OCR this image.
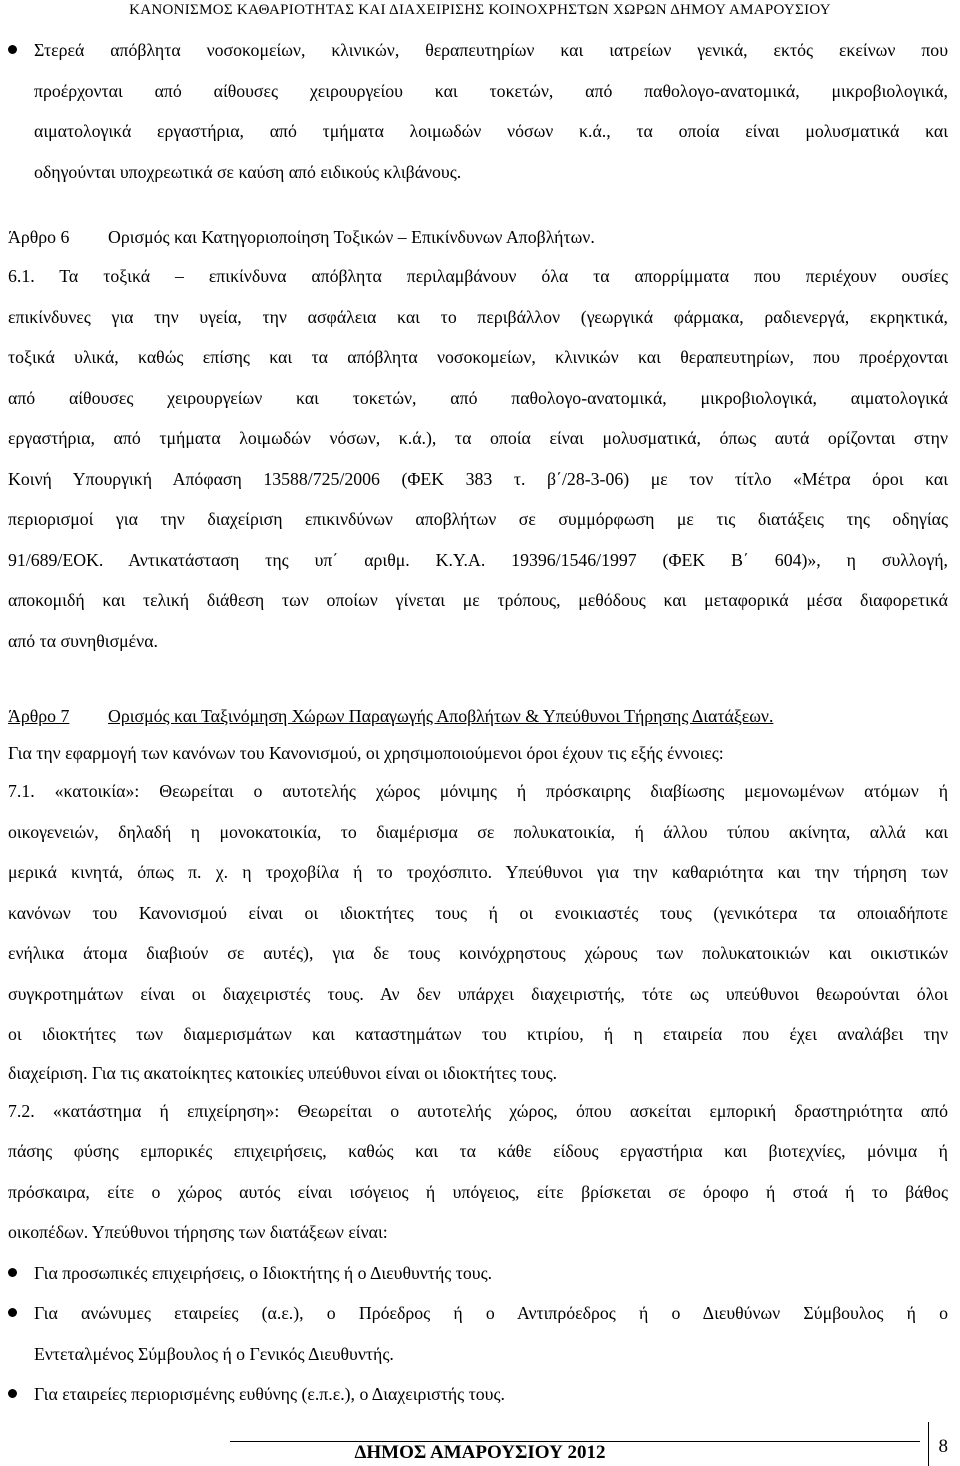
ΚΑΝΟΝΙΣΜΟΣ ΚΑΘΑΡΙΟΤΗΤΑΣ ΚΑΙ ΔΙΑΧΕΙΡΙΣΗΣ ΚΟΙΝΟΧΡΗΣΤΩΝ ΧΩΡΩΝ ΔΗΜΟΥ ΑΜΑΡΟΥΣΙΟΥ
Στερεά απόβλητα νοσοκομείων, κλινικών, θεραπευτηρίων και ιατρείων γενικά, εκτός εκείνων που
προέρχονται από αίθουσες χειρουργείου και τοκετών, από παθολογο-ανατομικά, μικροβιολογικά,
αιματολογικά εργαστήρια, από τμήματα λοιμωδών νόσων κ.ά., τα οποία είναι μολυσματικά και
οδηγούνται υποχρεωτικά σε καύση από ειδικούς κλιβάνους.
Άρθρο 6	Ορισμός και Κατηγοριοποίηση Τοξικών – Επικίνδυνων Αποβλήτων.
6.1. Τα τοξικά – επικίνδυνα απόβλητα περιλαμβάνουν όλα τα απορρίμματα που περιέχουν ουσίες
επικίνδυνες για την υγεία, την ασφάλεια και το περιβάλλον (γεωργικά φάρμακα, ραδιενεργά, εκρηκτικά,
τοξικά υλικά, καθώς επίσης και τα απόβλητα νοσοκομείων, κλινικών και θεραπευτηρίων, που προέρχονται
από αίθουσες χειρουργείων και τοκετών, από παθολογο-ανατομικά, μικροβιολογικά, αιματολογικά
εργαστήρια, από τμήματα λοιμωδών νόσων, κ.ά.), τα οποία είναι μολυσματικά, όπως αυτά ορίζονται στην
Κοινή Υπουργική Απόφαση 13588/725/2006 (ΦΕΚ 383 τ. β΄/28-3-06) με τον τίτλο «Μέτρα όροι και
περιορισμοί για την διαχείριση επικινδύνων αποβλήτων σε συμμόρφωση με τις διατάξεις της οδηγίας
91/689/ΕΟΚ. Αντικατάσταση της υπ΄ αριθμ. Κ.Υ.Α. 19396/1546/1997 (ΦΕΚ Β΄ 604)», η συλλογή,
αποκομιδή και τελική διάθεση των οποίων γίνεται με τρόπους, μεθόδους και μεταφορικά μέσα διαφορετικά
από τα συνηθισμένα.
Άρθρο 7	Ορισμός και Ταξινόμηση Χώρων Παραγωγής Αποβλήτων & Υπεύθυνοι Τήρησης Διατάξεων.
Για την εφαρμογή των κανόνων του Κανονισμού, οι χρησιμοποιούμενοι όροι έχουν τις εξής έννοιες:
7.1. «κατοικία»: Θεωρείται ο αυτοτελής χώρος μόνιμης ή πρόσκαιρης διαβίωσης μεμονωμένων ατόμων ή
οικογενειών, δηλαδή η μονοκατοικία, το διαμέρισμα σε πολυκατοικία, ή άλλου τύπου ακίνητα, αλλά και
μερικά κινητά, όπως π. χ. η τροχοβίλα ή το τροχόσπιτο. Υπεύθυνοι για την καθαριότητα και την τήρηση των
κανόνων του Κανονισμού είναι οι ιδιοκτήτες τους ή οι ενοικιαστές τους (γενικότερα τα οποιαδήποτε
ενήλικα άτομα διαβιούν σε αυτές), για δε τους κοινόχρηστους χώρους των πολυκατοικιών και οικιστικών
συγκροτημάτων είναι οι διαχειριστές τους. Αν δεν υπάρχει διαχειριστής, τότε ως υπεύθυνοι θεωρούνται όλοι
οι ιδιοκτήτες των διαμερισμάτων και καταστημάτων του κτιρίου, ή η εταιρεία που έχει αναλάβει την
διαχείριση. Για τις ακατοίκητες κατοικίες υπεύθυνοι είναι οι ιδιοκτήτες τους.
7.2. «κατάστημα ή επιχείρηση»: Θεωρείται ο αυτοτελής χώρος, όπου ασκείται εμπορική δραστηριότητα από
πάσης φύσης εμπορικές επιχειρήσεις, καθώς και τα κάθε είδους εργαστήρια και βιοτεχνίες, μόνιμα ή
πρόσκαιρα, είτε ο χώρος αυτός είναι ισόγειος ή υπόγειος, είτε βρίσκεται σε όροφο ή στοά ή το βάθος
οικοπέδων. Υπεύθυνοι τήρησης των διατάξεων είναι:
Για προσωπικές επιχειρήσεις, ο Ιδιοκτήτης ή ο Διευθυντής τους.
Για ανώνυμες εταιρείες (α.ε.), ο Πρόεδρος ή ο Αντιπρόεδρος ή ο Διευθύνων Σύμβουλος ή ο
Εντεταλμένος Σύμβουλος ή ο Γενικός Διευθυντής.
Για εταιρείες περιορισμένης ευθύνης (ε.π.ε.), ο Διαχειριστής τους.
ΔΗΜΟΣ ΑΜΑΡΟΥΣΙΟΥ 2012	8
